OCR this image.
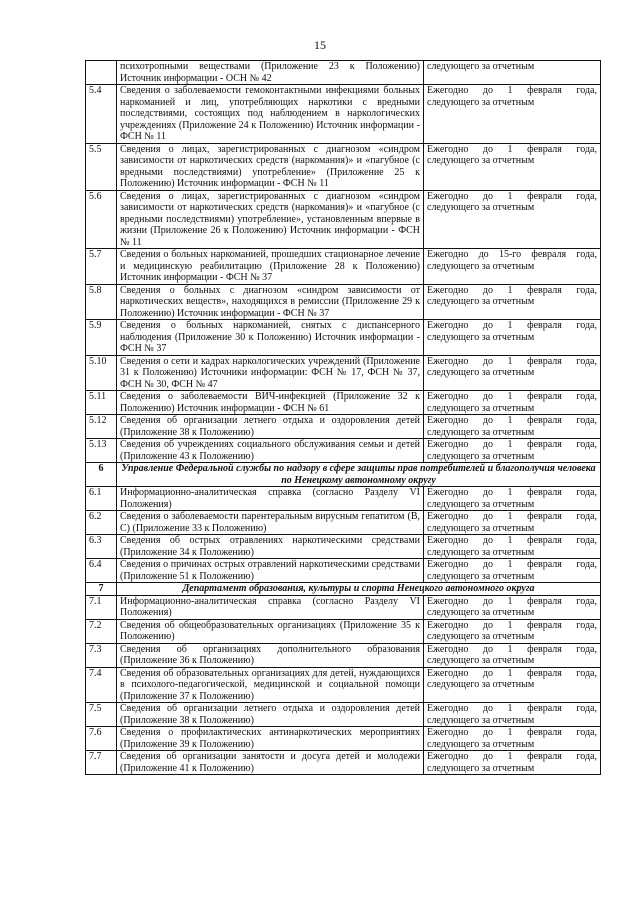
15
	психотропными веществами (Приложение 23 к Положению) Источник информации - ОСН № 42	следующего за отчетным
5.4	Сведения о заболеваемости гемоконтактными инфекциями больных наркоманией и лиц, употребляющих наркотики с вредными последствиями, состоящих под наблюдением в наркологических учреждениях (Приложение 24 к Положению) Источник информации - ФСН № 11	Ежегодно до 1 февраля года,
следующего за отчетным
5.5	Сведения о лицах, зарегистрированных с диагнозом «синдром зависимости от наркотических средств (наркомания)» и «пагубное (с вредными последствиями) употребление» (Приложение 25 к Положению) Источник информации - ФСН № 11	Ежегодно до 1 февраля года,
следующего за отчетным
5.6	Сведения о лицах, зарегистрированных с диагнозом «синдром зависимости от наркотических средств (наркомания)» и «пагубное (с вредными последствиями) употребление», установленным впервые в жизни (Приложение 26 к Положению) Источник информации - ФСН № 11	Ежегодно до 1 февраля года,
следующего за отчетным
5.7	Сведения о больных наркоманией, прошедших стационарное лечение и медицинскую реабилитацию (Приложение 28 к Положению) Источник информации - ФСН № 37	Ежегодно до 15-го февраля года,
следующего за отчетным
5.8	Сведения о больных с диагнозом «синдром зависимости от наркотических веществ», находящихся в ремиссии (Приложение 29 к Положению) Источник информации - ФСН № 37	Ежегодно до 1 февраля года,
следующего за отчетным
5.9	Сведения о больных наркоманией, снятых с диспансерного наблюдения (Приложение 30 к Положению) Источник информации - ФСН № 37	Ежегодно до 1 февраля года,
следующего за отчетным
5.10	Сведения о сети и кадрах наркологических учреждений (Приложение 31 к Положению) Источники информации: ФСН № 17, ФСН № 37, ФСН № 30, ФСН № 47	Ежегодно до 1 февраля года,
следующего за отчетным
5.11	Сведения о заболеваемости ВИЧ-инфекцией (Приложение 32 к Положению) Источник информации - ФСН № 61	Ежегодно до 1 февраля года,
следующего за отчетным
5.12	Сведения об организации летнего отдыха и оздоровления детей (Приложение 38 к Положению)	Ежегодно до 1 февраля года,
следующего за отчетным
5.13	Сведения об учреждениях социального обслуживания семьи и детей (Приложение 43 к Положению)	Ежегодно до 1 февраля года,
следующего за отчетным
6	Управление Федеральной службы по надзору в сфере защиты прав потребителей и благополучия человека по Ненецкому автономному округу	
6.1	Информационно-аналитическая справка (согласно Разделу VI Положения)	Ежегодно до 1 февраля года,
следующего за отчетным
6.2	Сведения о заболеваемости парентеральным вирусным гепатитом (В, С) (Приложение 33 к Положению)	Ежегодно до 1 февраля года,
следующего за отчетным
6.3	Сведения об острых отравлениях наркотическими средствами (Приложение 34 к Положению)	Ежегодно до 1 февраля года,
следующего за отчетным
6.4	Сведения о причинах острых отравлений наркотическими средствами (Приложение 51 к Положению)	Ежегодно до 1 февраля года,
следующего за отчетным
7	Департамент образования, культуры и спорта Ненецкого автономного округа	
7.1	Информационно-аналитическая справка (согласно Разделу VI Положения)	Ежегодно до 1 февраля года,
следующего за отчетным
7.2	Сведения об общеобразовательных организациях (Приложение 35 к Положению)	Ежегодно до 1 февраля года,
следующего за отчетным
7.3	Сведения об организациях дополнительного образования (Приложение 36 к Положению)	Ежегодно до 1 февраля года,
следующего за отчетным
7.4	Сведения об образовательных организациях для детей, нуждающихся в психолого-педагогической, медицинской и социальной помощи (Приложение 37 к Положению)	Ежегодно до 1 февраля года,
следующего за отчетным
7.5	Сведения об организации летнего отдыха и оздоровления детей (Приложение 38 к Положению)	Ежегодно до 1 февраля года,
следующего за отчетным
7.6	Сведения о профилактических антинаркотических мероприятиях (Приложение 39 к Положению)	Ежегодно до 1 февраля года,
следующего за отчетным
7.7	Сведения об организации занятости и досуга детей и молодежи (Приложение 41 к Положению)	Ежегодно до 1 февраля года,
следующего за отчетным
